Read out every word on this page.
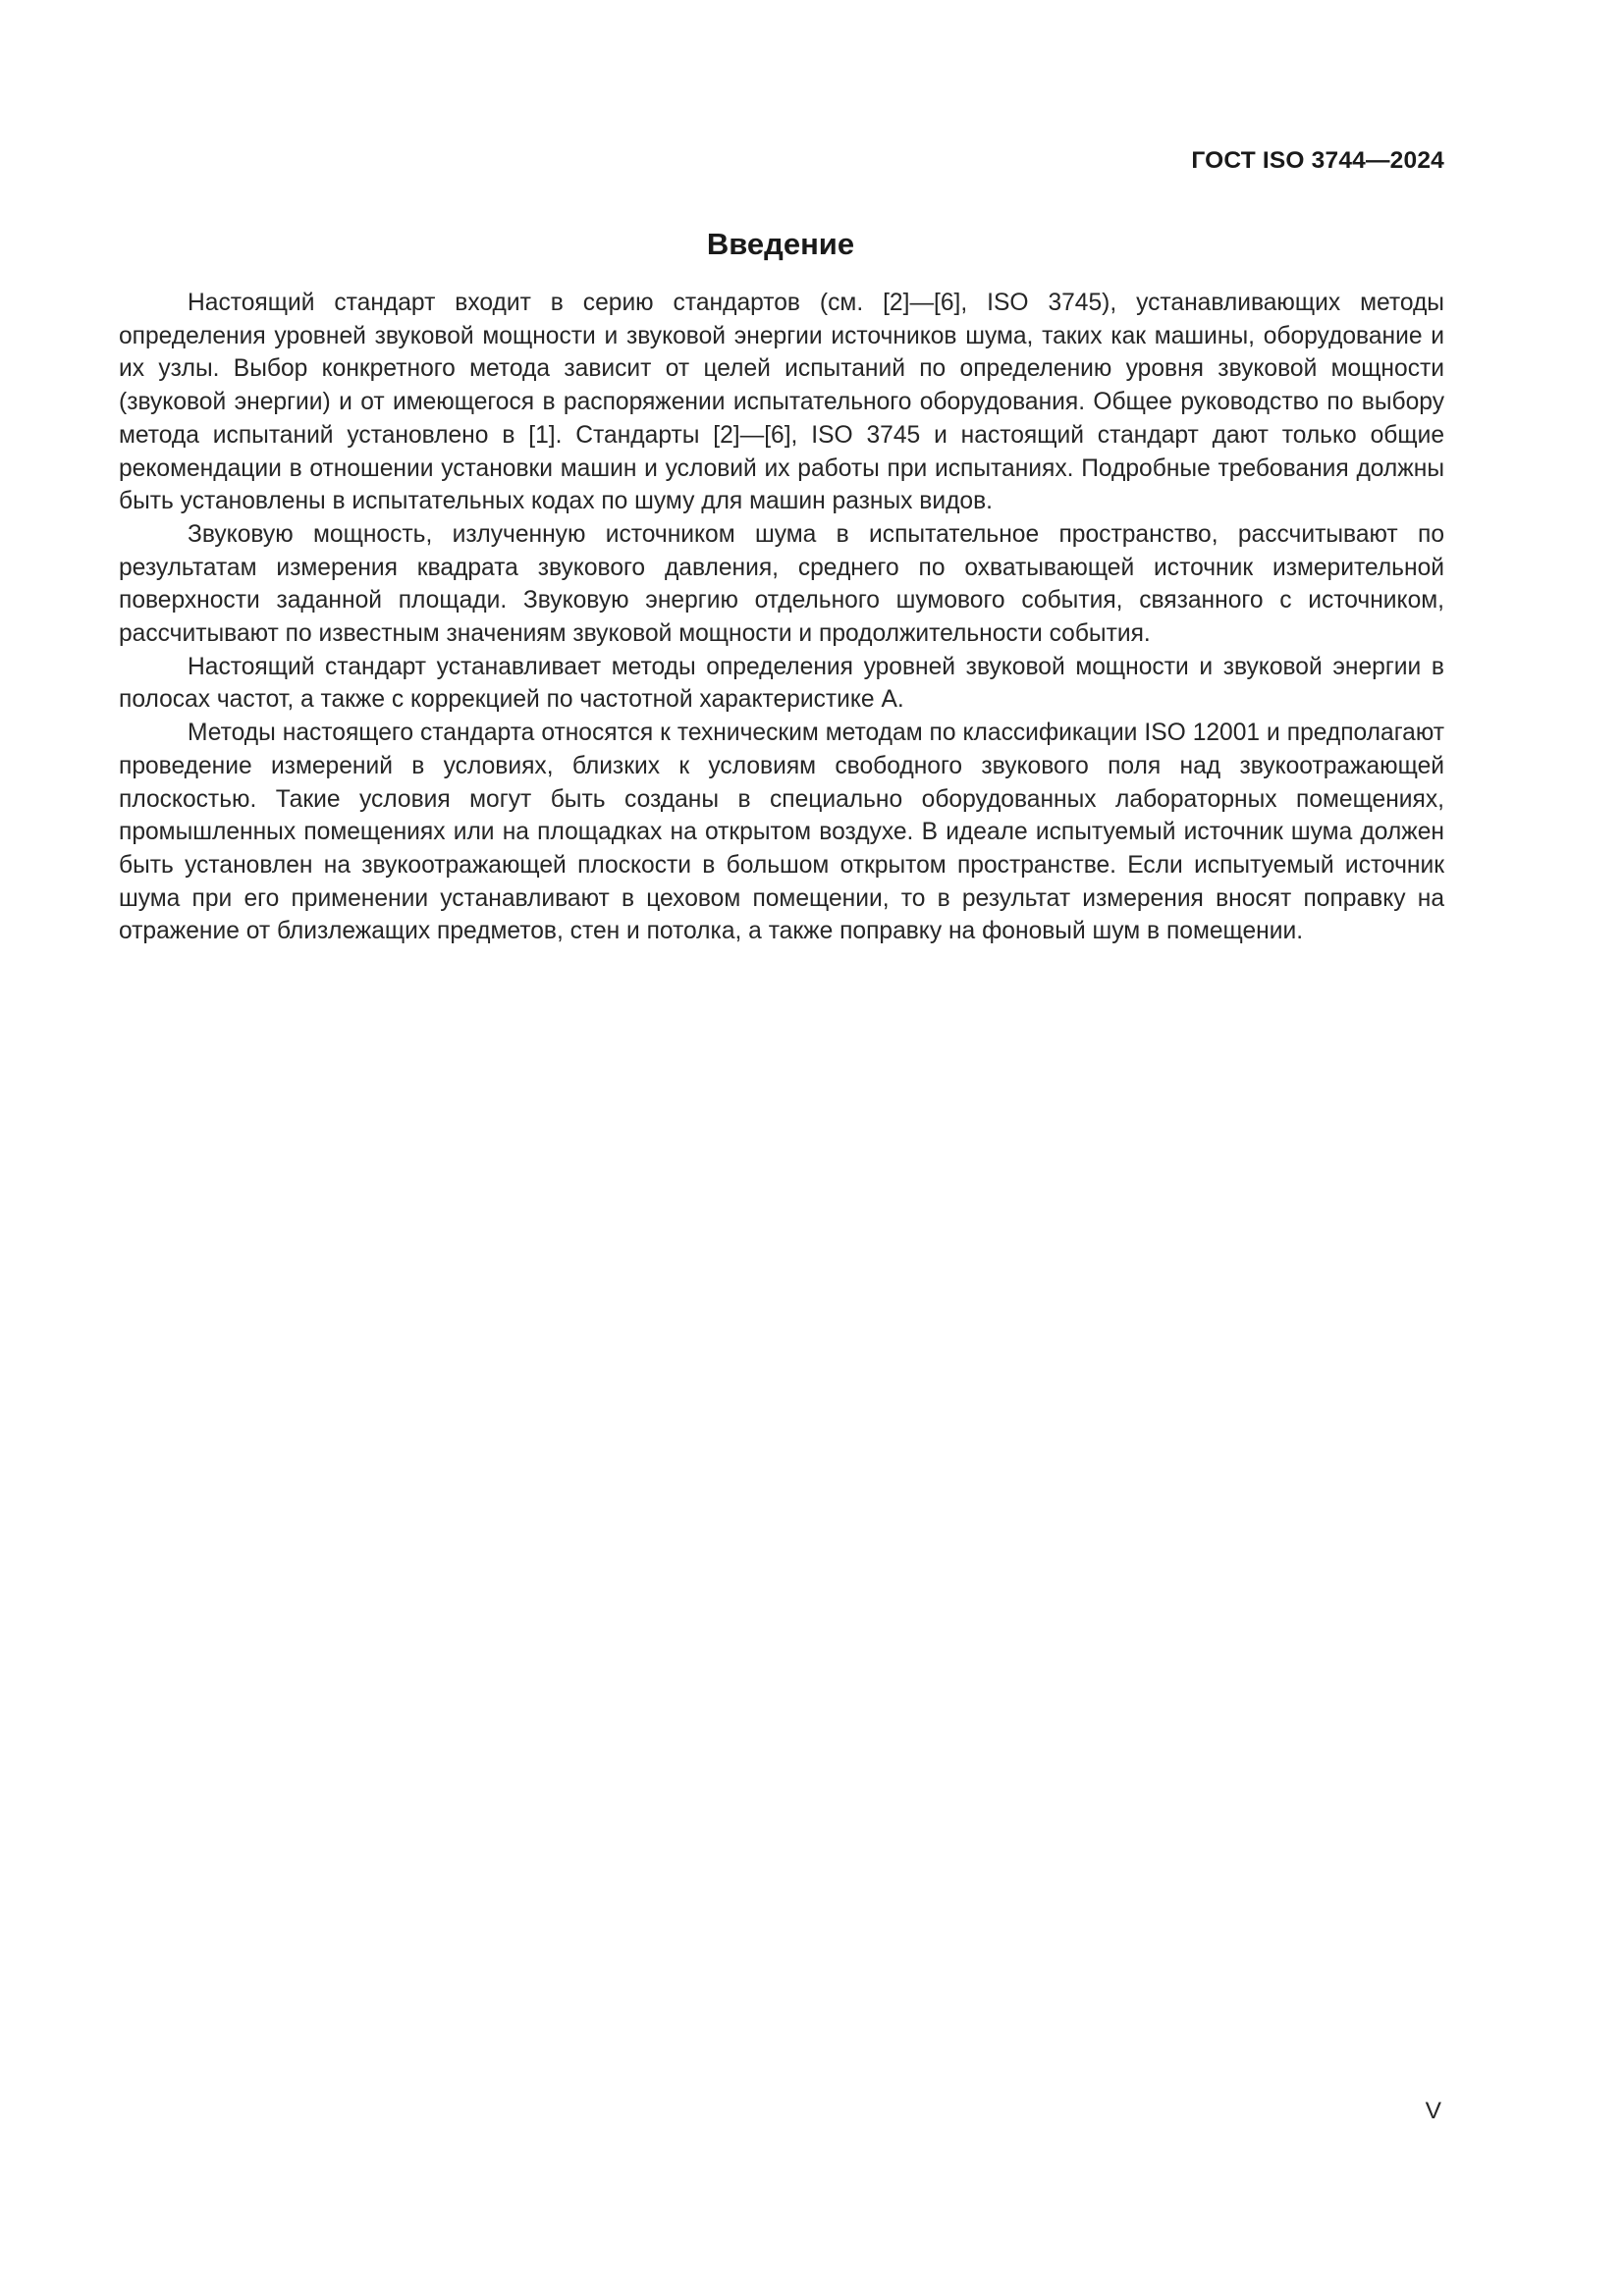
ГОСТ ISO 3744—2024
Введение

Настоящий стандарт входит в серию стандартов (см. [2]—[6], ISO 3745), устанавливающих методы определения уровней звуковой мощности и звуковой энергии источников шума, таких как машины, оборудование и их узлы. Выбор конкретного метода зависит от целей испытаний по определению уровня звуковой мощности (звуковой энергии) и от имеющегося в распоряжении испытательного оборудования. Общее руководство по выбору метода испытаний установлено в [1]. Стандарты [2]—[6], ISO 3745 и настоящий стандарт дают только общие рекомендации в отношении установки машин и условий их работы при испытаниях. Подробные требования должны быть установлены в испытательных кодах по шуму для машин разных видов.

Звуковую мощность, излученную источником шума в испытательное пространство, рассчитывают по результатам измерения квадрата звукового давления, среднего по охватывающей источник измерительной поверхности заданной площади. Звуковую энергию отдельного шумового события, связанного с источником, рассчитывают по известным значениям звуковой мощности и продолжительности события.

Настоящий стандарт устанавливает методы определения уровней звуковой мощности и звуковой энергии в полосах частот, а также с коррекцией по частотной характеристике А.

Методы настоящего стандарта относятся к техническим методам по классификации ISO 12001 и предполагают проведение измерений в условиях, близких к условиям свободного звукового поля над звукоотражающей плоскостью. Такие условия могут быть созданы в специально оборудованных лабораторных помещениях, промышленных помещениях или на площадках на открытом воздухе. В идеале испытуемый источник шума должен быть установлен на звукоотражающей плоскости в большом открытом пространстве. Если испытуемый источник шума при его применении устанавливают в цеховом помещении, то в результат измерения вносят поправку на отражение от близлежащих предметов, стен и потолка, а также поправку на фоновый шум в помещении.

V
